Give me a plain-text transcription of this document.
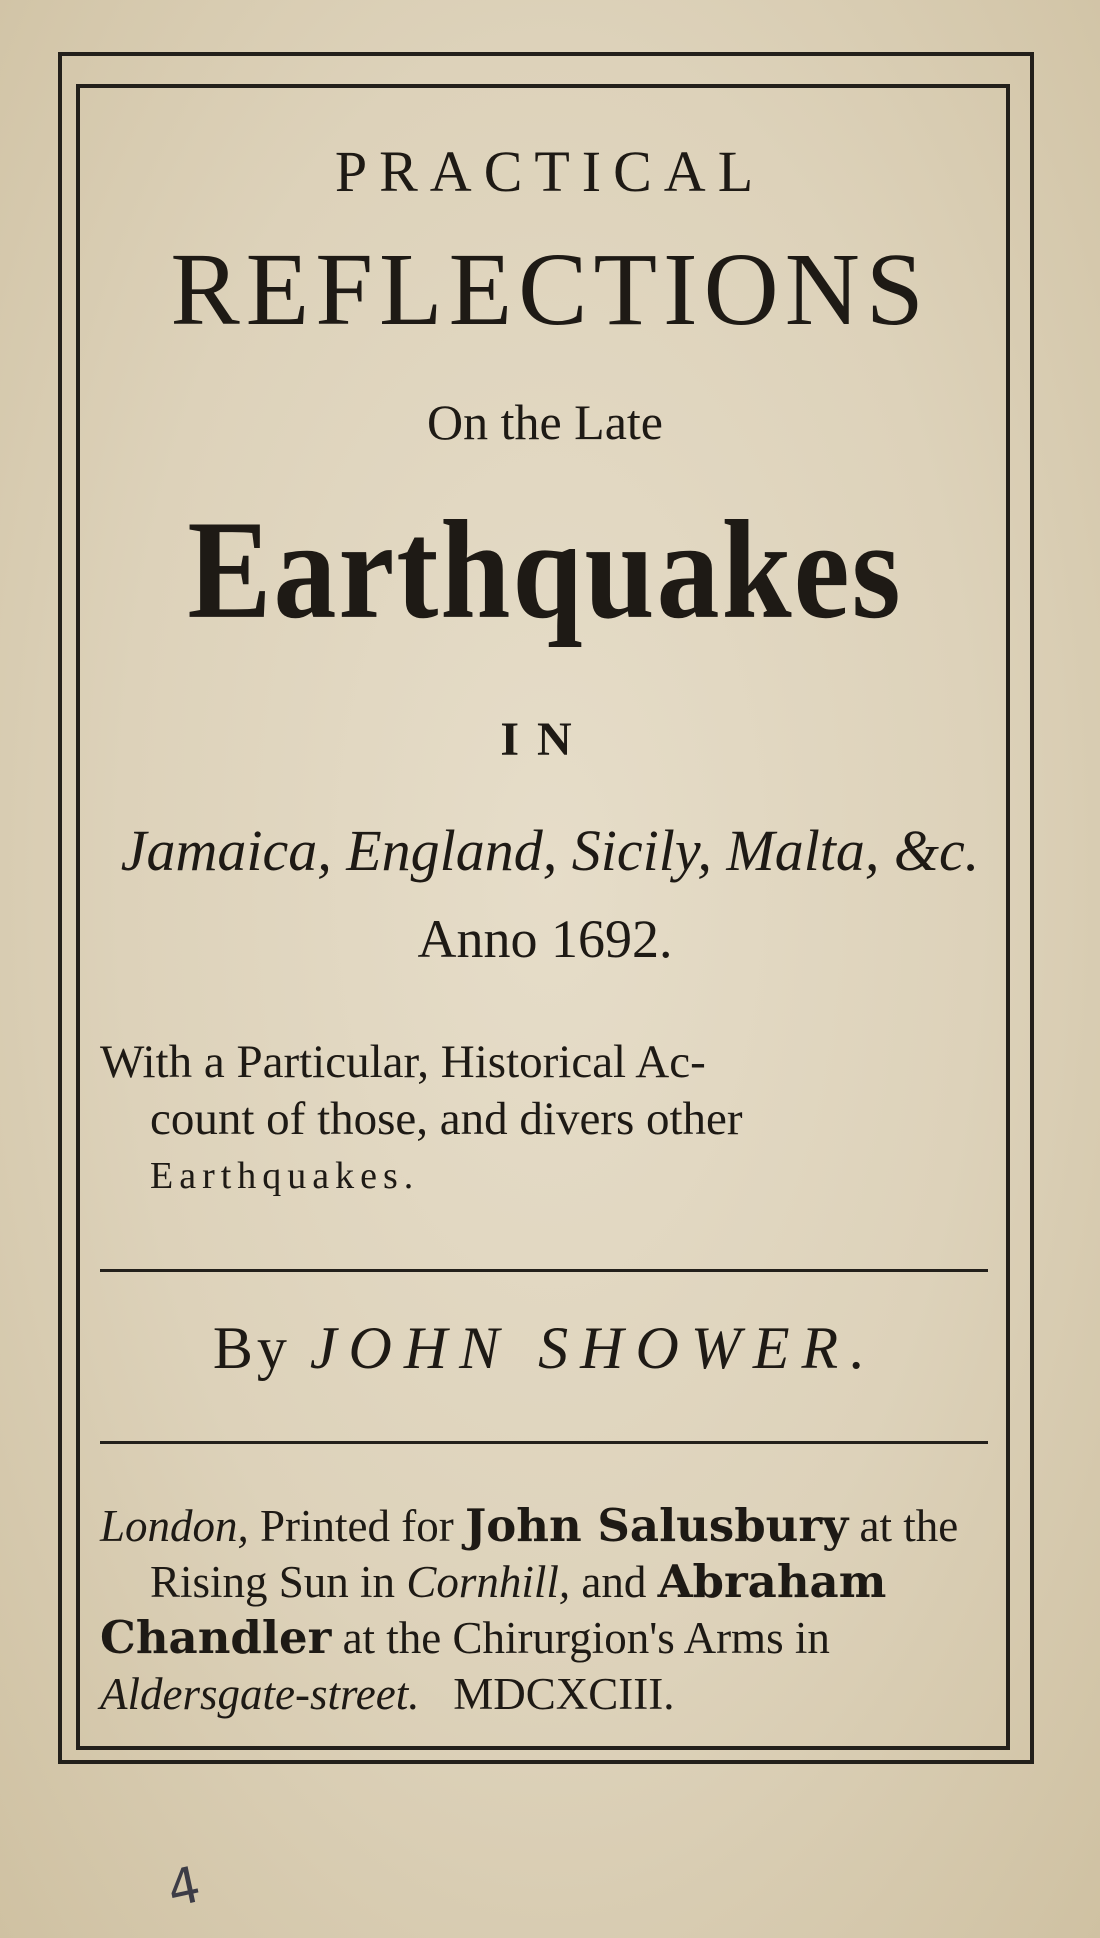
PRACTICAL
REFLECTIONS
On the Late
Earthquakes
IN
Jamaica, England, Sicily, Malta, &c.
Anno 1692.
With a Particular, Historical Ac-
count of those, and divers other
Earthquakes.
By JOHN SHOWER.
London, Printed for John Salusbury at the
Rising Sun in Cornhill, and Abraham
Chandler at the Chirurgion's Arms in
Aldersgate-street. MDCXCIII.
4
